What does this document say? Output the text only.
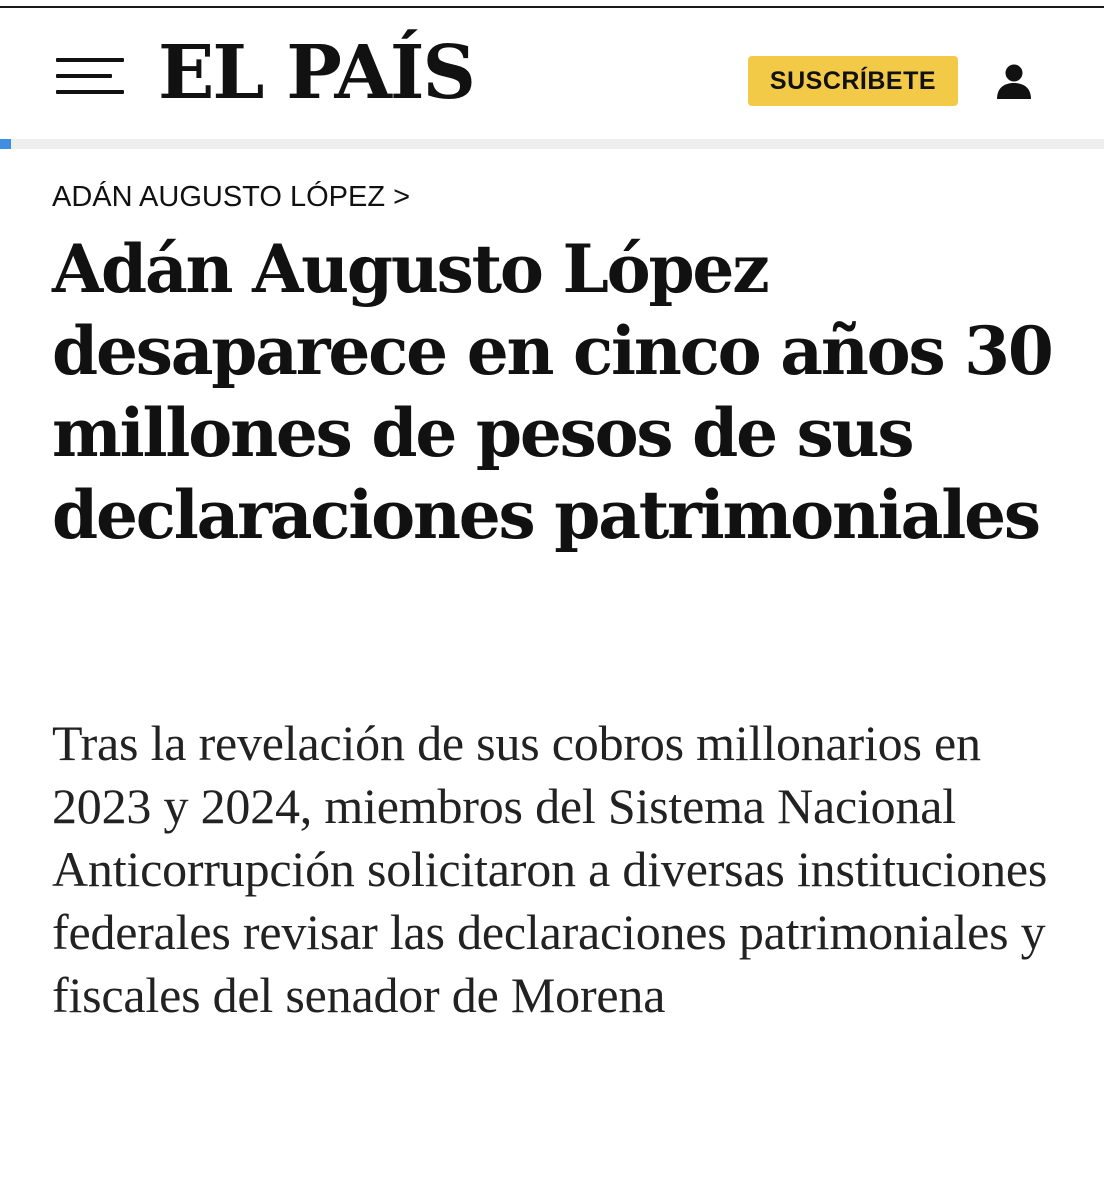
EL PAÍS	SUSCRÍBETE
ADÁN AUGUSTO LÓPEZ >
Adán Augusto López desaparece en cinco años 30 millones de pesos de sus declaraciones patrimoniales

Tras la revelación de sus cobros millonarios en 2023 y 2024, miembros del Sistema Nacional Anticorrupción solicitaron a diversas instituciones federales revisar las declaraciones patrimoniales y fiscales del senador de Morena
